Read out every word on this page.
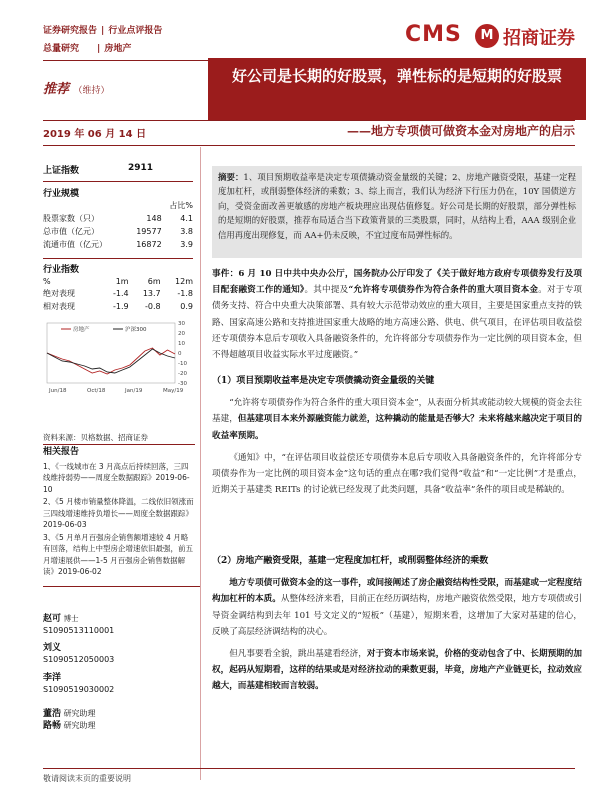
证券研究报告 | 行业点评报告
总量研究 | 房地产
CMS	M 招商证券
推荐 （维持）
好公司是长期的好股票，弹性标的是短期的好股票
2019 年 06 月 14 日	——地方专项债可做资本金对房地产的启示
上证指数	2911
行业规模
		占比%
股票家数（只）	148	4.1
总市值（亿元）	19577	3.8
流通市值（亿元）	16872	3.9
行业指数
%	1m	6m	12m
绝对表现	-1.4	13.7	-1.8
相对表现	-1.9	-0.8	0.9
30
20
10
0
-10
-20
-30
Jun/18	Oct/18	Jan/19	May/19
房地产	沪深300
资料来源：贝格数据、招商证券
相关报告

1、《一线城市在 3 月高点后持续回落，三四线维持弱势——周度全数据跟踪》2019-06-10

2、《5 月楼市销量整体降温，二线依旧领涨而三四线增速维持负增长——周度全数据跟踪》2019-06-03

3、《5 月单月百强房企销售额增速较 4 月略有回落，结构上中型房企增速依旧最强，前五月增速展供——1-5 月百强房企销售数据解读》2019-06-02

赵可 博士
S1090513110001
刘义
S1090512050003
李洋
S1090519030002
董浩 研究助理
路畅 研究助理
摘要：1、项目预期收益率是决定专项债撬动资金量级的关键；2、房地产融资受限，基建一定程度加杠杆，或削弱整体经济的乘数；3、综上而言，我们认为经济下行压力仍在，10Y 国债逆方向，受资金面改善更敏感的房地产板块理应出现估值修复。好公司是长期的好股票，部分弹性标的是短期的好股票，推荐布局适合当下政策背景的三类股票，同时，从结构上看，AAA 级别企业信用再度出现修复，而 AA+仍未反映，不宜过度布局弹性标的。
事件：6 月 10 日中共中央办公厅，国务院办公厅印发了《关于做好地方政府专项债券发行及项目配套融资工作的通知》。其中提及“允许将专项债券作为符合条件的重大项目资本金。对于专项债务支持、符合中央重大决策部署、具有较大示范带动效应的重大项目，主要是国家重点支持的铁路、国家高速公路和支持推进国家重大战略的地方高速公路、供电、供气项目，在评估项目收益偿还专项债券本息后专项收入具备融资条件的，允许将部分专项债券作为一定比例的项目资本金，但不得超越项目收益实际水平过度融资。”
（1）项目预期收益率是决定专项债撬动资金量级的关键
“允许将专项债券作为符合条件的重大项目资本金”，从表面分析其或能动较大规模的资金去往基建，但基建项目本来外源融资能力就差，这种撬动的能量是否够大？未来将越来越决定于项目的收益率预期。
《通知》中，“在评估项目收益偿还专项债券本息后专项收入具备融资条件的，允许将部分专项债券作为一定比例的项目资本金”这句话的重点在哪?我们觉得“收益”和“一定比例”才是重点，近期关于基建类 REITs 的讨论就已经发现了此类问题，具备“收益率”条件的项目或是稀缺的。
（2）房地产融资受限，基建一定程度加杠杆，或削弱整体经济的乘数
地方专项债可做资本金的这一事件，或间接阐述了房企融资结构性受限，而基建或一定程度结构加杠杆的本质。从整体经济来看，目前正在经历调结构，房地产融资依然受限，地方专项债或引导资金调结构到去年 101 号文定义的“短板”（基建），短期来看，这增加了大家对基建的信心，反映了高层经济调结构的决心。
但凡事要看全貌，跳出基建看经济，对于资本市场来说，价格的变动包含了中、长期预期的加权，起码从短期看，这样的结果或是对经济拉动的乘数更弱，毕竟，房地产产业链更长，拉动效应越大，而基建相较而言较弱。
敬请阅读末页的重要说明
